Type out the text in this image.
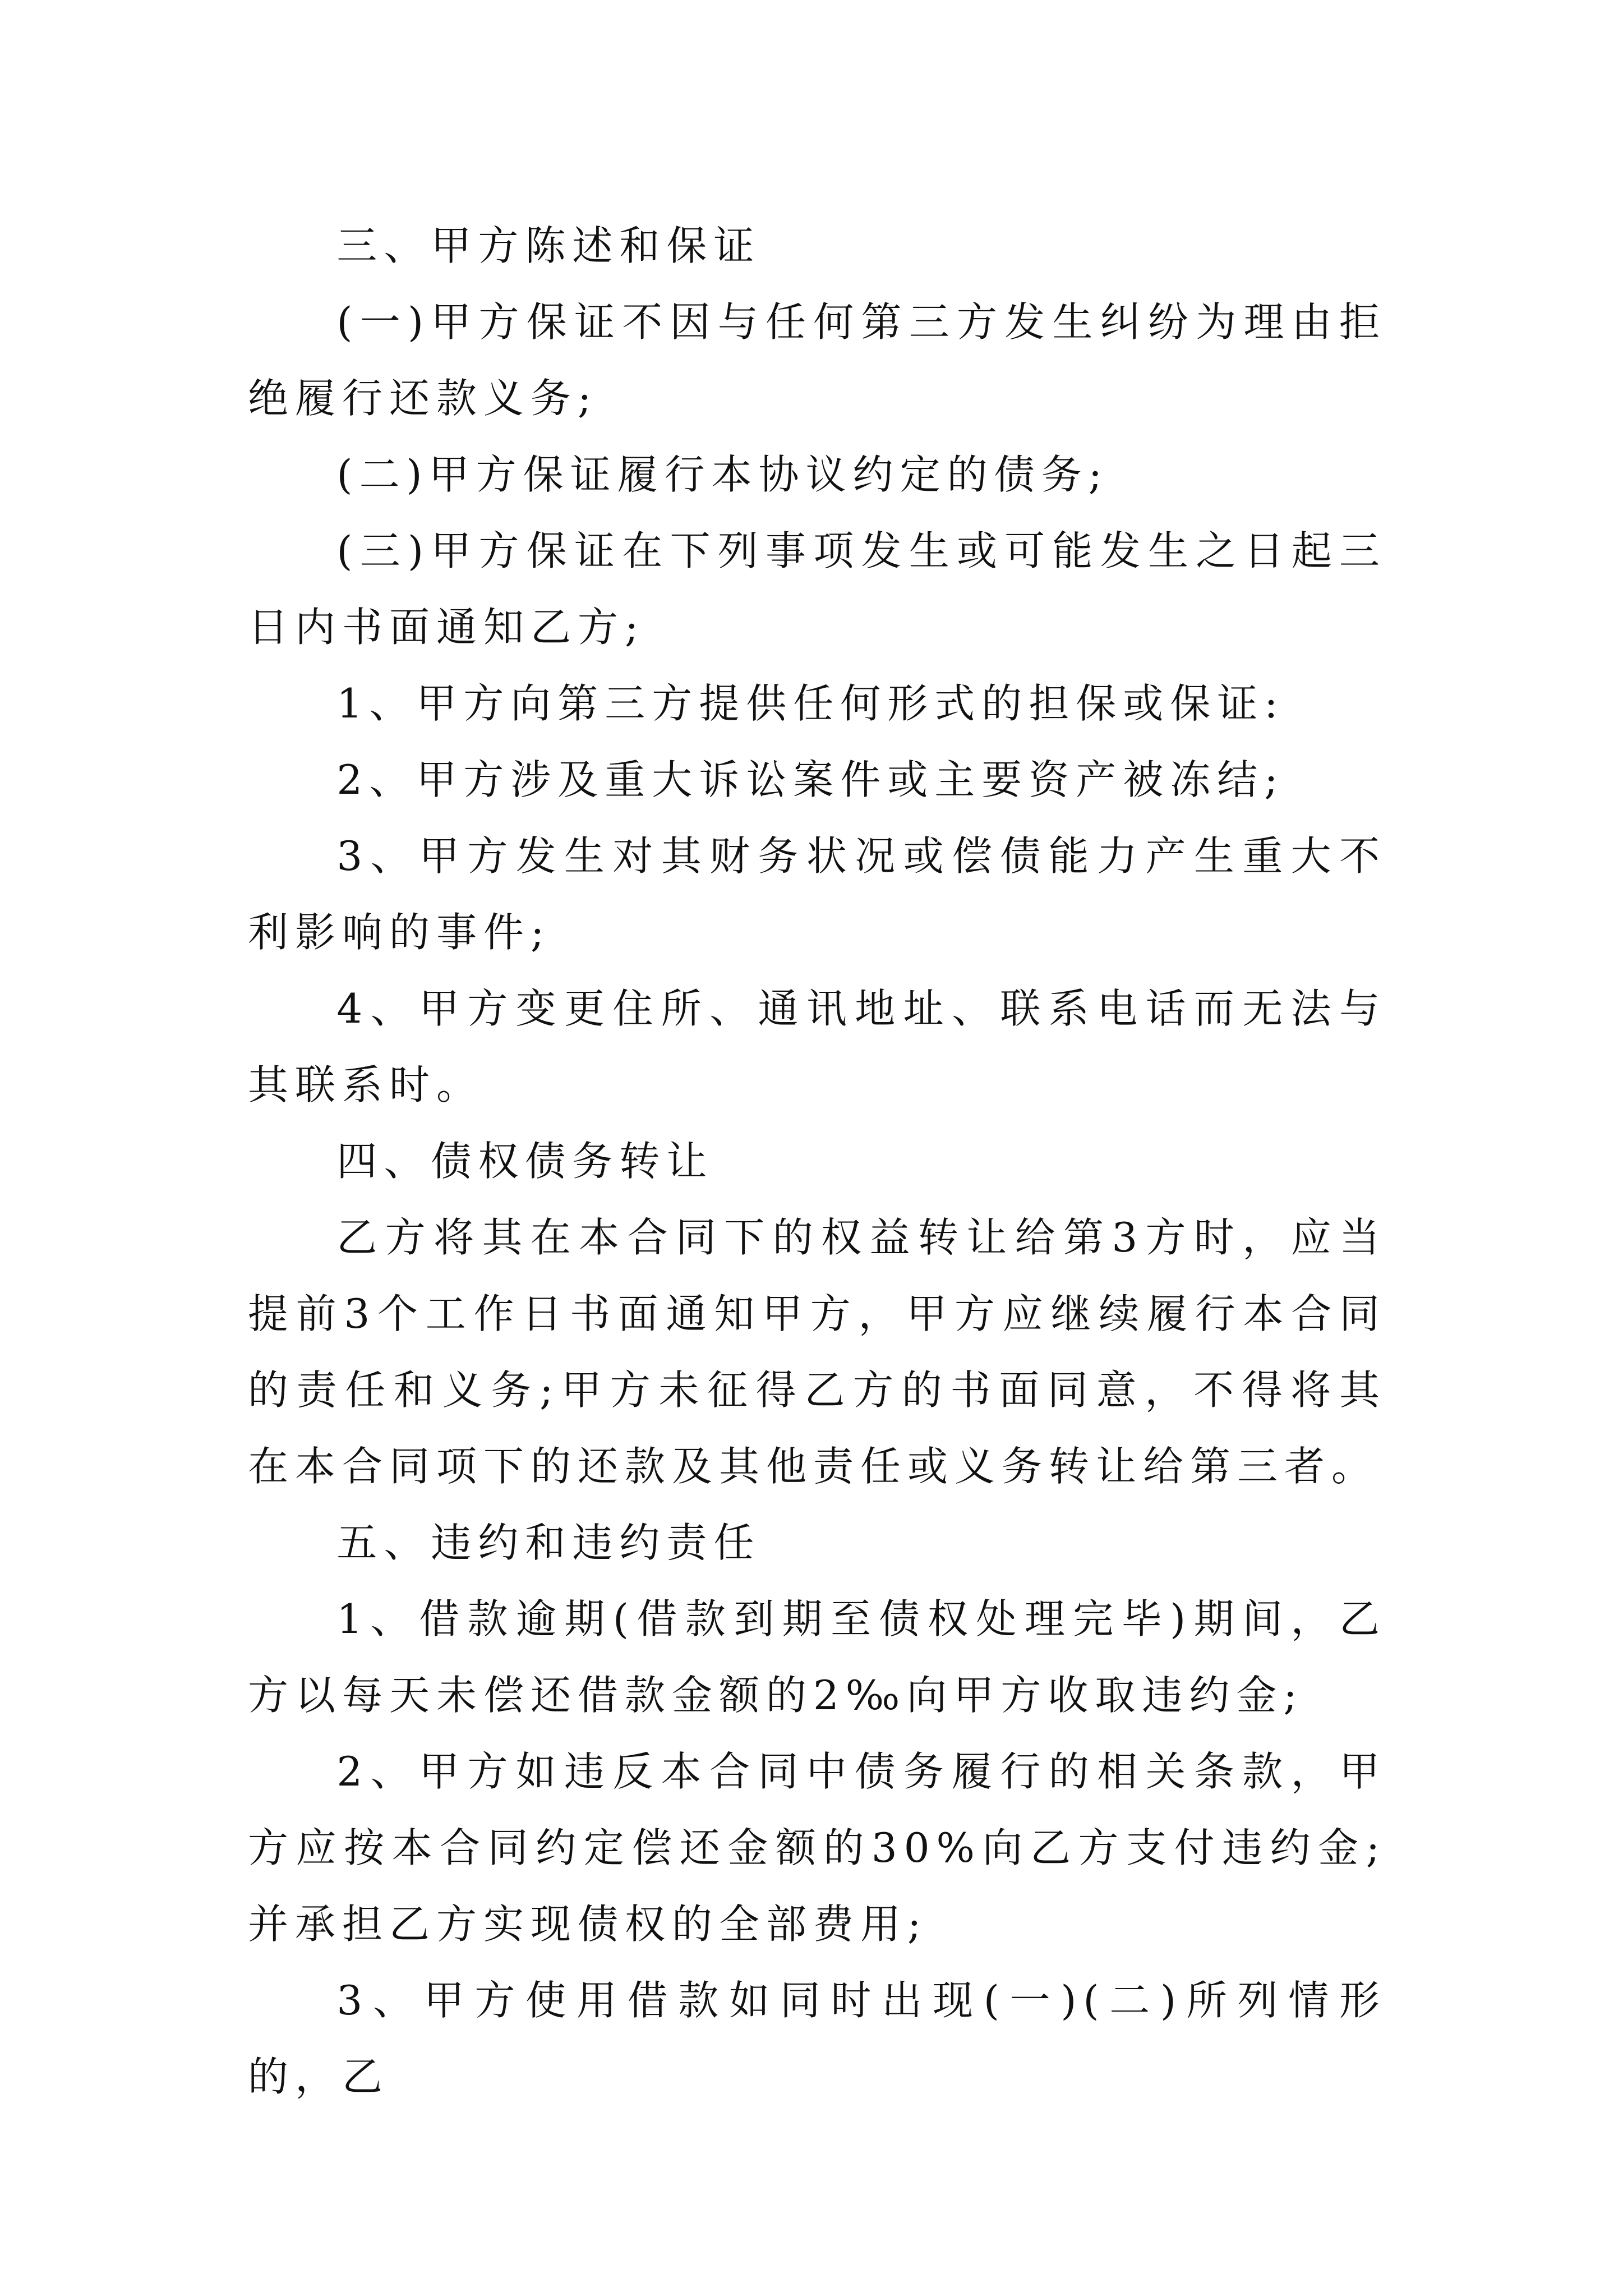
三、甲方陈述和保证

(一)甲方保证不因与任何第三方发生纠纷为理由拒绝履行还款义务;

(二)甲方保证履行本协议约定的债务;

(三)甲方保证在下列事项发生或可能发生之日起三日内书面通知乙方;

1、甲方向第三方提供任何形式的担保或保证:

2、甲方涉及重大诉讼案件或主要资产被冻结;

3、甲方发生对其财务状况或偿债能力产生重大不利影响的事件;

4、甲方变更住所、通讯地址、联系电话而无法与其联系时。

四、债权债务转让

乙方将其在本合同下的权益转让给第3方时，应当提前3个工作日书面通知甲方，甲方应继续履行本合同的责任和义务;甲方未征得乙方的书面同意，不得将其在本合同项下的还款及其他责任或义务转让给第三者。

五、违约和违约责任

1、借款逾期(借款到期至债权处理完毕)期间，乙方以每天未偿还借款金额的2‰向甲方收取违约金;

2、甲方如违反本合同中债务履行的相关条款，甲方应按本合同约定偿还金额的30%向乙方支付违约金;并承担乙方实现债权的全部费用;

3、甲方使用借款如同时出现(一)(二)所列情形的，乙
